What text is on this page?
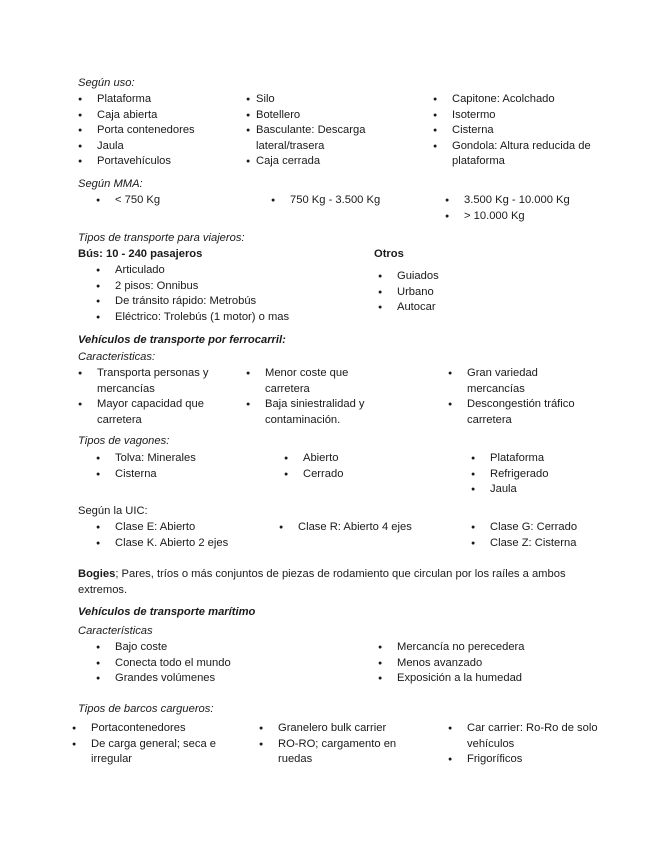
Según uso:
● Plataforma
● Caja abierta
● Porta contenedores
● Jaula
● Portavehículos
● Silo
● Botellero
● Basculante: Descarga lateral/trasera
● Caja cerrada
● Capitone: Acolchado
● Isotermo
● Cisterna
● Gondola: Altura reducida de plataforma
Según MMA:
● < 750 Kg	● 750 Kg - 3.500 Kg	● 3.500 Kg - 10.000 Kg
● > 10.000 Kg
Tipos de transporte para viajeros:
Bús: 10 - 240 pasajeros
● Articulado
● 2 pisos: Onnibus
● De tránsito rápido: Metrobús
● Eléctrico: Trolebús (1 motor) o mas
Otros
● Guiados
● Urbano
● Autocar
Vehículos de transporte por ferrocarril:
Caracteristicas:
● Transporta personas y mercancías
● Mayor capacidad que carretera
● Menor coste que carretera
● Baja siniestralidad y contaminación.
● Gran variedad mercancías
● Descongestión tráfico carretera
Tipos de vagones:
● Tolva: Minerales
● Cisterna
● Abierto
● Cerrado
● Plataforma
● Refrigerado
● Jaula
Según la UIC:
● Clase E: Abierto
● Clase K. Abierto 2 ejes
● Clase R: Abierto 4 ejes	● Clase G: Cerrado
● Clase Z: Cisterna
Bogies; Pares, tríos o más conjuntos de piezas de rodamiento que circulan por los raíles a ambos extremos.
Vehículos de transporte marítimo
Características
● Bajo coste
● Conecta todo el mundo
● Grandes volúmenes
● Mercancía no perecedera
● Menos avanzado
● Exposición a la humedad
Tipos de barcos cargueros:
● Portacontenedores
● De carga general; seca e irregular
● Granelero bulk carrier
● RO-RO; cargamento en ruedas
● Car carrier: Ro-Ro de solo vehículos
● Frigoríficos
